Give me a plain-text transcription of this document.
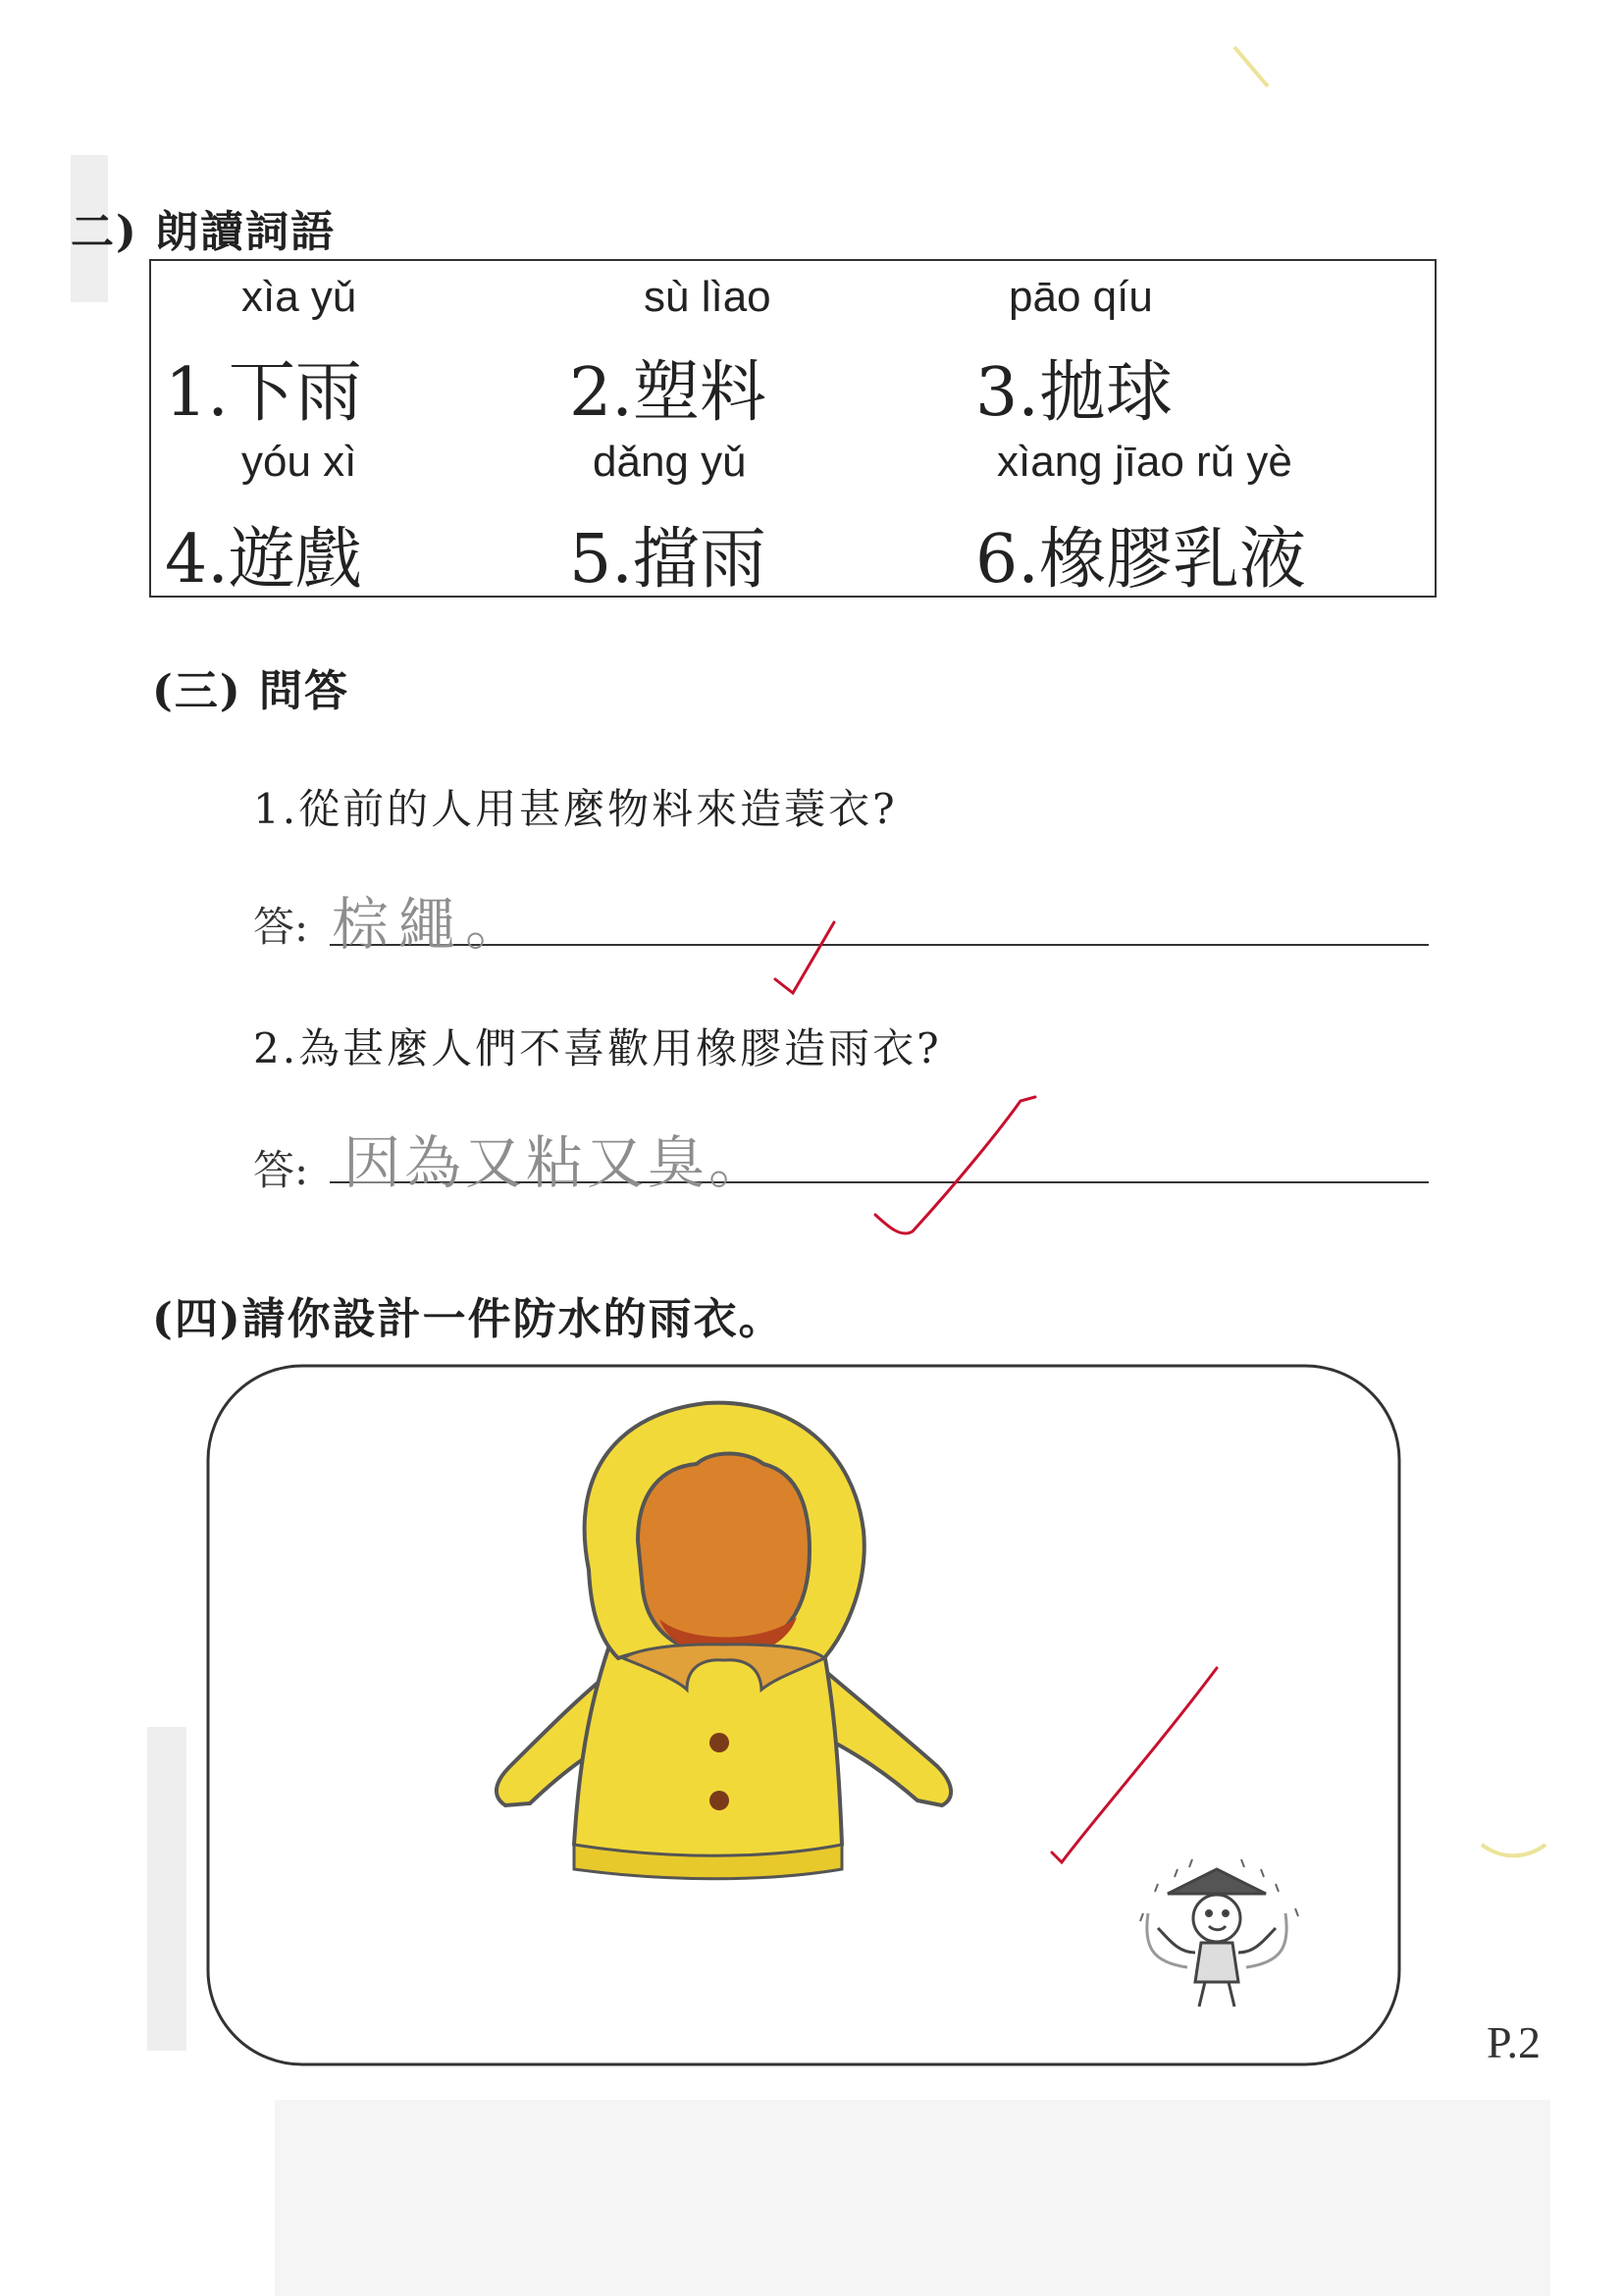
二) 朗讀詞語
xìa yǔ
1.下雨
sù lìao
2.塑料
pāo qíu
3.拋球
yóu xì
4.遊戲
dǎng yǔ
5.擋雨
xìang jīao rǔ yè
6.橡膠乳液
(三) 問答
1.從前的人用甚麼物料來造蓑衣?
答: 棕繩。
2.為甚麼人們不喜歡用橡膠造雨衣?
答: 因為又粘又臭。
(四)請你設計一件防水的雨衣。
P.2
